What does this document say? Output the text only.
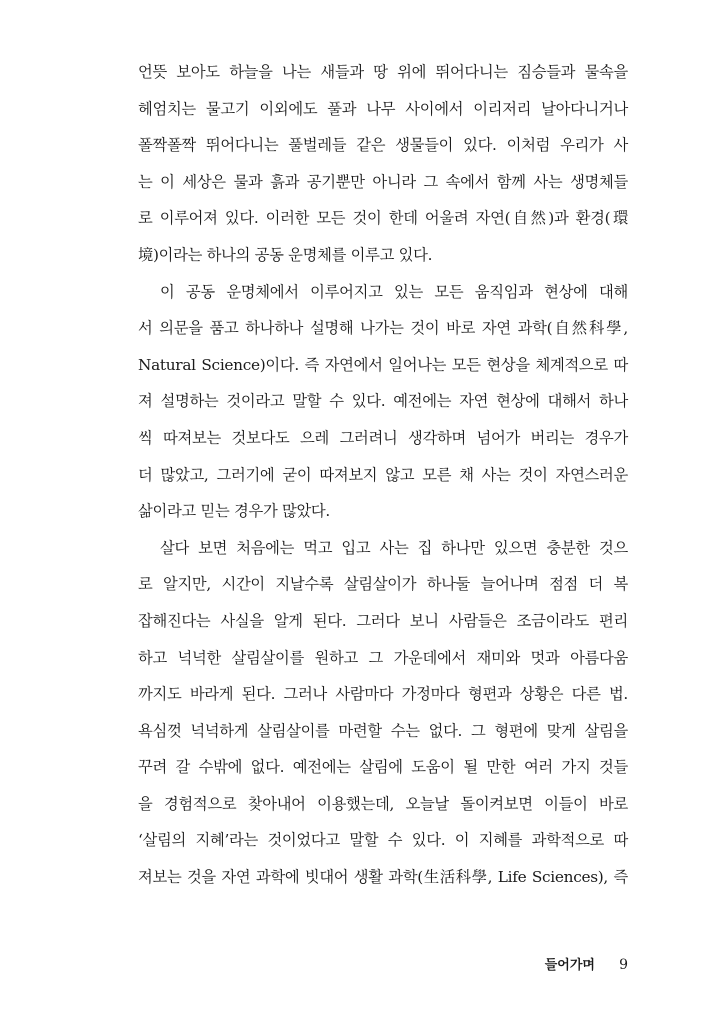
언뜻 보아도 하늘을 나는 새들과 땅 위에 뛰어다니는 짐승들과 물속을
헤엄치는 물고기 이외에도 풀과 나무 사이에서 이리저리 날아다니거나
폴짝폴짝 뛰어다니는 풀벌레들 같은 생물들이 있다. 이처럼 우리가 사
는 이 세상은 물과 흙과 공기뿐만 아니라 그 속에서 함께 사는 생명체들
로 이루어져 있다. 이러한 모든 것이 한데 어울려 자연(自然)과 환경(環
境)이라는 하나의 공동 운명체를 이루고 있다.
이 공동 운명체에서 이루어지고 있는 모든 움직임과 현상에 대해
서 의문을 품고 하나하나 설명해 나가는 것이 바로 자연 과학(自然科學,
Natural Science)이다. 즉 자연에서 일어나는 모든 현상을 체계적으로 따
져 설명하는 것이라고 말할 수 있다. 예전에는 자연 현상에 대해서 하나
씩 따져보는 것보다도 으레 그러려니 생각하며 넘어가 버리는 경우가
더 많았고, 그러기에 굳이 따져보지 않고 모른 채 사는 것이 자연스러운
삶이라고 믿는 경우가 많았다.
살다 보면 처음에는 먹고 입고 사는 집 하나만 있으면 충분한 것으
로 알지만, 시간이 지날수록 살림살이가 하나둘 늘어나며 점점 더 복
잡해진다는 사실을 알게 된다. 그러다 보니 사람들은 조금이라도 편리
하고 넉넉한 살림살이를 원하고 그 가운데에서 재미와 멋과 아름다움
까지도 바라게 된다. 그러나 사람마다 가정마다 형편과 상황은 다른 법.
욕심껏 넉넉하게 살림살이를 마련할 수는 없다. 그 형편에 맞게 살림을
꾸려 갈 수밖에 없다. 예전에는 살림에 도움이 될 만한 여러 가지 것들
을 경험적으로 찾아내어 이용했는데, 오늘날 돌이켜보면 이들이 바로
‘살림의 지혜’라는 것이었다고 말할 수 있다. 이 지혜를 과학적으로 따
져보는 것을 자연 과학에 빗대어 생활 과학(生活科學, Life Sciences), 즉
들어가며 9
